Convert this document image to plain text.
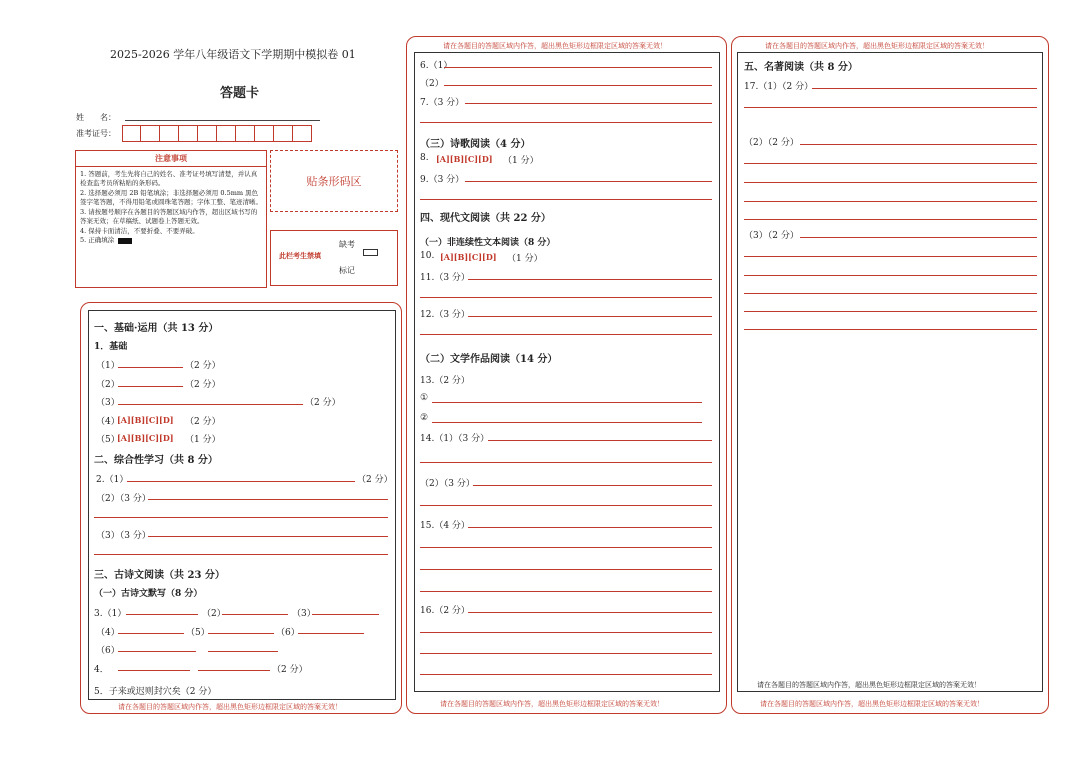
2025-2026 学年八年级语文下学期期中模拟卷 01
答题卡
姓　　名：
准考证号：
注意事项
1. 答题前，考生先将自己的姓名、准考证号填写清楚，并认真检查监考员所粘贴的条形码。
2. 选择题必须用 2B 铅笔填涂；非选择题必须用 0.5mm 黑色签字笔答题，不得用铅笔或圆珠笔答题；字体工整、笔迹清晰。
3. 请按题号顺序在各题目的答题区域内作答，超出区域书写的答案无效；在草稿纸、试题卷上答题无效。
4. 保持卡面清洁，不要折叠、不要弄破。
5. 正确填涂
贴条形码区
此栏考生禁填
缺考
标记
请在各题目的答题区域内作答，超出黑色矩形边框限定区域的答案无效！
一、基础·运用（共 13 分）
1．基础
（1）	（2 分）
（2）	（2 分）
（3）	（2 分）
（4）
[A][B][C][D] （2 分）
（5）
[A][B][C][D] （1 分）
二、综合性学习（共 8 分）
2.（1）	（2 分）
（2）（3 分）
（3）（3 分）
三、古诗文阅读（共 23 分）
（一）古诗文默写（8 分）
3.（1）	（2）	（3）
（4）	（5）	（6）
（6）
4．	（2 分）
5．子来或迟则封穴矣（2 分）
请在各题目的答题区域内作答，超出黑色矩形边框限定区域的答案无效！
请在各题目的答题区域内作答，超出黑色矩形边框限定区域的答案无效！
6.（1）
（2）
7.（3 分）
（三）诗歌阅读（4 分）
8. [A][B][C][D] （1 分）
9.（3 分）
四、现代文阅读（共 22 分）
（一）非连续性文本阅读（8 分）
10. [A][B][C][D] （1 分）
11.（3 分）
12.（3 分）
（二）文学作品阅读（14 分）
13.（2 分）
①
②
14.（1）（3 分）
（2）（3 分）
15.（4 分）
16.（2 分）
请在各题目的答题区域内作答，超出黑色矩形边框限定区域的答案无效！
请在各题目的答题区域内作答，超出黑色矩形边框限定区域的答案无效！
请在各题目的答题区域内作答，超出黑色矩形边框限定区域的答案无效！
五、名著阅读（共 8 分）
17.（1）（2 分）
（2）（2 分）
（3）（2 分）
